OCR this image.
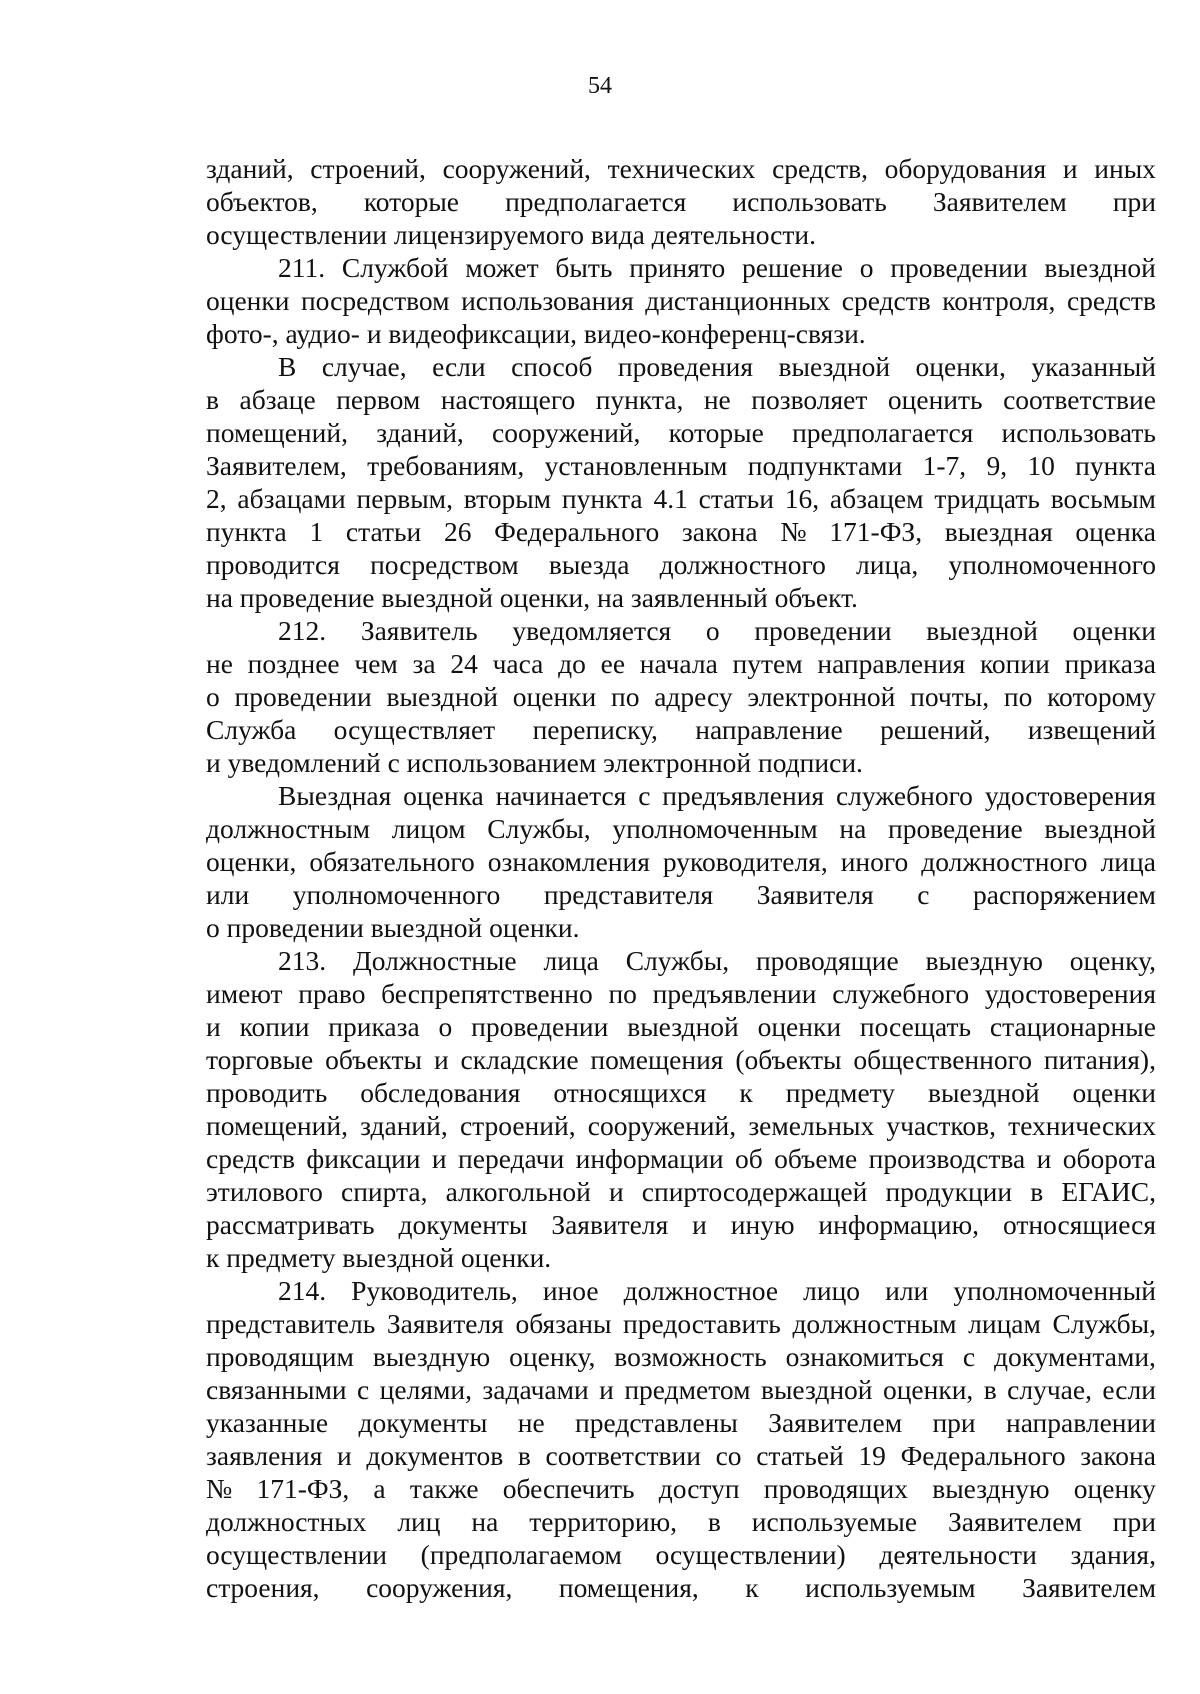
54
зданий, строений, сооружений, технических средств, оборудования и иных
объектов, которые предполагается использовать Заявителем при
осуществлении лицензируемого вида деятельности.
211. Службой может быть принято решение о проведении выездной
оценки посредством использования дистанционных средств контроля, средств
фото-, аудио- и видеофиксации, видео-конференц-связи.
В случае, если способ проведения выездной оценки, указанный
в абзаце первом настоящего пункта, не позволяет оценить соответствие
помещений, зданий, сооружений, которые предполагается использовать
Заявителем, требованиям, установленным подпунктами 1-7, 9, 10 пункта
2, абзацами первым, вторым пункта 4.1 статьи 16, абзацем тридцать восьмым
пункта 1 статьи 26 Федерального закона № 171-ФЗ, выездная оценка
проводится посредством выезда должностного лица, уполномоченного
на проведение выездной оценки, на заявленный объект.
212. Заявитель уведомляется о проведении выездной оценки
не позднее чем за 24 часа до ее начала путем направления копии приказа
о проведении выездной оценки по адресу электронной почты, по которому
Служба осуществляет переписку, направление решений, извещений
и уведомлений с использованием электронной подписи.
Выездная оценка начинается с предъявления служебного удостоверения
должностным лицом Службы, уполномоченным на проведение выездной
оценки, обязательного ознакомления руководителя, иного должностного лица
или уполномоченного представителя Заявителя с распоряжением
о проведении выездной оценки.
213. Должностные лица Службы, проводящие выездную оценку,
имеют право беспрепятственно по предъявлении служебного удостоверения
и копии приказа о проведении выездной оценки посещать стационарные
торговые объекты и складские помещения (объекты общественного питания),
проводить обследования относящихся к предмету выездной оценки
помещений, зданий, строений, сооружений, земельных участков, технических
средств фиксации и передачи информации об объеме производства и оборота
этилового спирта, алкогольной и спиртосодержащей продукции в ЕГАИС,
рассматривать документы Заявителя и иную информацию, относящиеся
к предмету выездной оценки.
214. Руководитель, иное должностное лицо или уполномоченный
представитель Заявителя обязаны предоставить должностным лицам Службы,
проводящим выездную оценку, возможность ознакомиться с документами,
связанными с целями, задачами и предметом выездной оценки, в случае, если
указанные документы не представлены Заявителем при направлении
заявления и документов в соответствии со статьей 19 Федерального закона
№ 171-ФЗ, а также обеспечить доступ проводящих выездную оценку
должностных лиц на территорию, в используемые Заявителем при
осуществлении (предполагаемом осуществлении) деятельности здания,
строения, сооружения, помещения, к используемым Заявителем
